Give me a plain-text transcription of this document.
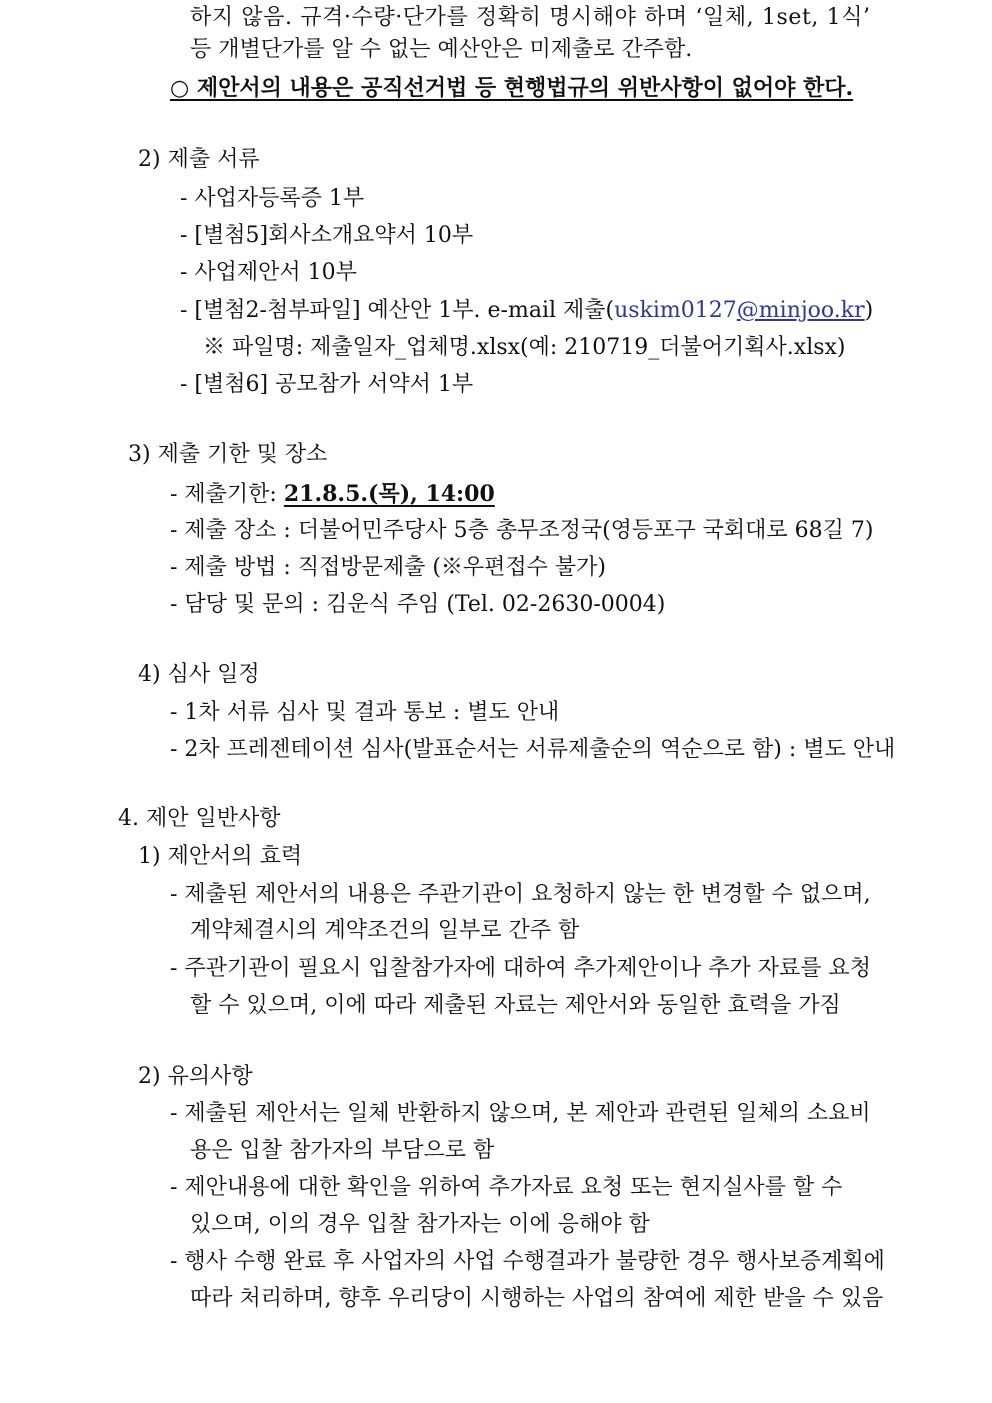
하지 않음. 규격·수량·단가를 정확히 명시해야 하며 ‘일체, 1set, 1식’
등 개별단가를 알 수 없는 예산안은 미제출로 간주함.
○ 제안서의 내용은 공직선거법 등 현행법규의 위반사항이 없어야 한다.
2) 제출 서류
- 사업자등록증 1부
- [별첨5]회사소개요약서 10부
- 사업제안서 10부
- [별첨2-첨부파일] 예산안 1부. e-mail 제출(uskim0127@minjoo.kr)
※ 파일명: 제출일자_업체명.xlsx(예: 210719_더불어기획사.xlsx)
- [별첨6] 공모참가 서약서 1부
3) 제출 기한 및 장소
- 제출기한: 21.8.5.(목), 14:00
- 제출 장소 : 더불어민주당사 5층 총무조정국(영등포구 국회대로 68길 7)
- 제출 방법 : 직접방문제출 (※우편접수 불가)
- 담당 및 문의 : 김운식 주임 (Tel. 02-2630-0004)
4) 심사 일정
- 1차 서류 심사 및 결과 통보 : 별도 안내
- 2차 프레젠테이션 심사(발표순서는 서류제출순의 역순으로 함) : 별도 안내
4. 제안 일반사항
1) 제안서의 효력
- 제출된 제안서의 내용은 주관기관이 요청하지 않는 한 변경할 수 없으며,
계약체결시의 계약조건의 일부로 간주 함
- 주관기관이 필요시 입찰참가자에 대하여 추가제안이나 추가 자료를 요청
할 수 있으며, 이에 따라 제출된 자료는 제안서와 동일한 효력을 가짐
2) 유의사항
- 제출된 제안서는 일체 반환하지 않으며, 본 제안과 관련된 일체의 소요비
용은 입찰 참가자의 부담으로 함
- 제안내용에 대한 확인을 위하여 추가자료 요청 또는 현지실사를 할 수
있으며, 이의 경우 입찰 참가자는 이에 응해야 함
- 행사 수행 완료 후 사업자의 사업 수행결과가 불량한 경우 행사보증계획에
따라 처리하며, 향후 우리당이 시행하는 사업의 참여에 제한 받을 수 있음
